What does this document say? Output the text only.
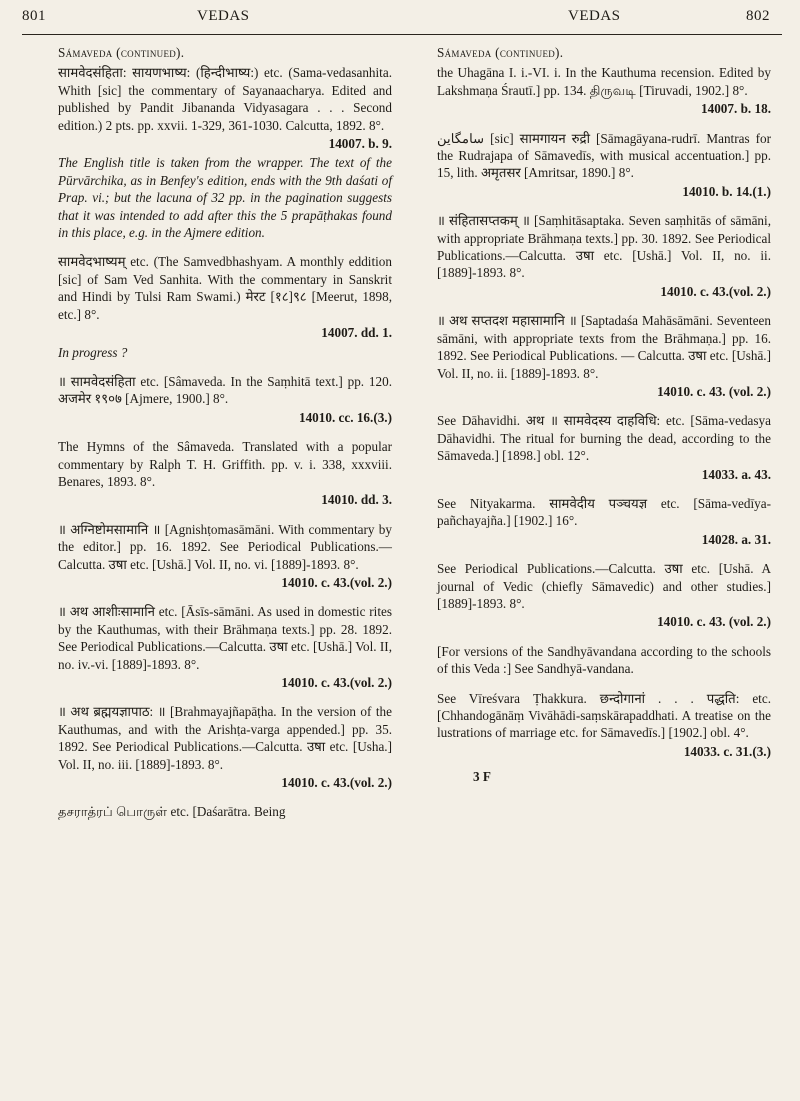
801	VEDAS	VEDAS	802
Sámaveda (continued).

सामवेदसंहिता: सायणभाष्य: (हिन्दीभाष्य:) etc. (Sama-vedasanhita. Whith [sic] the commentary of Sayanaacharya. Edited and published by Pandit Jibananda Vidyasagara . . . Second edition.) 2 pts. pp. xxvii. 1-329, 361-1030. Calcutta, 1892. 8°.

14007. b. 9.
The English title is taken from the wrapper. The text of the Pūrvārchika, as in Benfey's edition, ends with the 9th daśati of Prap. vi.; but the lacuna of 32 pp. in the pagination suggests that it was intended to add after this the 5 prapāṭhakas found in this place, e.g. in the Ajmere edition.

सामवेदभाष्यम् etc. (The Samvedbhashyam. A monthly eddition [sic] of Sam Ved Sanhita. With the commentary in Sanskrit and Hindi by Tulsi Ram Swami.) मेरट [१८]९८ [Meerut, 1898, etc.] 8°.

14007. dd. 1.
In progress ?

॥ सामवेदसंहिता etc. [Sâmaveda. In the Saṃhitā text.] pp. 120. अजमेर १९०७ [Ajmere, 1900.] 8°.

14010. cc. 16.(3.)

The Hymns of the Sâmaveda. Translated with a popular commentary by Ralph T. H. Griffith. pp. v. i. 338, xxxviii. Benares, 1893. 8°.

14010. dd. 3.

॥ अग्निष्टोमसामानि ॥ [Agnishṭomasāmāni. With commentary by the editor.] pp. 16. 1892. See Periodical Publications.—Calcutta. उषा etc. [Ushā.] Vol. II, no. vi. [1889]-1893. 8°.

14010. c. 43.(vol. 2.)

॥ अथ आशीःसामानि etc. [Āsīs-sāmāni. As used in domestic rites by the Kauthumas, with their Brāhmaṇa texts.] pp. 28. 1892. See Periodical Publications.—Calcutta. उषा etc. [Ushā.] Vol. II, no. iv.-vi. [1889]-1893. 8°.

14010. c. 43.(vol. 2.)

॥ अथ ब्रह्मयज्ञापाठ: ॥ [Brahmayajñapāṭha. In the version of the Kauthumas, and with the Arishṭa-varga appended.] pp. 35. 1892. See Periodical Publications.—Calcutta. उषा etc. [Usha.] Vol. II, no. iii. [1889]-1893. 8°.

14010. c. 43.(vol. 2.)

தசராத்ரப் பொருள் etc. [Daśarātra. Being

Sámaveda (continued).

the Uhagāna I. i.-VI. i. In the Kauthuma recension. Edited by Lakshmaṇa Śrautī.] pp. 134. திருவடி [Tiruvadi, 1902.] 8°.

14007. b. 18.

سامگاین [sic] सामगायन रुद्री [Sāmagāyana-rudrī. Mantras for the Rudrajapa of Sāmavedīs, with musical accentuation.] pp. 15, lith. अमृतसर [Amritsar, 1890.] 8°.

14010. b. 14.(1.)

॥ संहितासप्तकम् ॥ [Saṃhitāsaptaka. Seven saṃhitās of sāmāni, with appropriate Brāhmaṇa texts.] pp. 30. 1892. See Periodical Publications.—Calcutta. उषा etc. [Ushā.] Vol. II, no. ii. [1889]-1893. 8°.

14010. c. 43.(vol. 2.)

॥ अथ सप्तदश महासामानि ॥ [Saptadaśa Mahāsāmāni. Seventeen sāmāni, with appropriate texts from the Brāhmaṇa.] pp. 16. 1892. See Periodical Publications. — Calcutta. उषा etc. [Ushā.] Vol. II, no. ii. [1889]-1893. 8°.

14010. c. 43. (vol. 2.)

See Dāhavidhi. अथ ॥ सामवेदस्य दाहविधि: etc. [Sāma-vedasya Dāhavidhi. The ritual for burning the dead, according to the Sāmaveda.] [1898.] obl. 12°.

14033. a. 43.

See Nityakarma. सामवेदीय पञ्चयज्ञ etc. [Sāma-vedīya-pañchayajña.] [1902.] 16°.

14028. a. 31.

See Periodical Publications.—Calcutta. उषा etc. [Ushā. A journal of Vedic (chiefly Sāmavedic) and other studies.] [1889]-1893. 8°.

14010. c. 43. (vol. 2.)

[For versions of the Sandhyāvandana according to the schools of this Veda :] See Sandhyā-vandana.

See Vīreśvara Ṭhakkura. छन्दोगानां . . . पद्धति: etc. [Chhandogānāṃ Vivāhādi-saṃskārapaddhati. A treatise on the lustrations of marriage etc. for Sāmavedīs.] [1902.] obl. 4°.

14033. c. 31.(3.)
3 F
